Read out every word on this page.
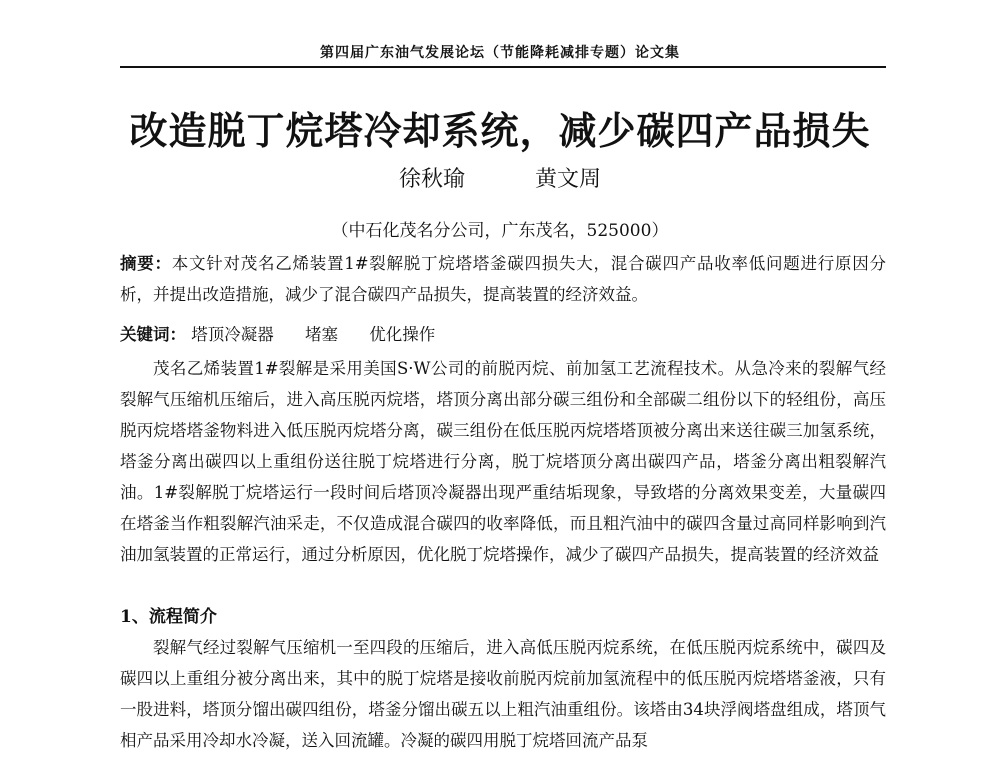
第四届广东油气发展论坛（节能降耗减排专题）论文集
改造脱丁烷塔冷却系统，减少碳四产品损失
徐秋瑜	黄文周
（中石化茂名分公司，广东茂名，525000）
摘要：本文针对茂名乙烯装置1#裂解脱丁烷塔塔釜碳四损失大，混合碳四产品收率低问题进行原因分析，并提出改造措施，减少了混合碳四产品损失，提高装置的经济效益。
关键词： 塔顶冷凝器 堵塞 优化操作
茂名乙烯装置1#裂解是采用美国S·W公司的前脱丙烷、前加氢工艺流程技术。从急冷来的裂解气经裂解气压缩机压缩后，进入高压脱丙烷塔，塔顶分离出部分碳三组份和全部碳二组份以下的轻组份，高压脱丙烷塔塔釜物料进入低压脱丙烷塔分离，碳三组份在低压脱丙烷塔塔顶被分离出来送往碳三加氢系统，塔釜分离出碳四以上重组份送往脱丁烷塔进行分离，脱丁烷塔顶分离出碳四产品，塔釜分离出粗裂解汽油。1#裂解脱丁烷塔运行一段时间后塔顶冷凝器出现严重结垢现象，导致塔的分离效果变差，大量碳四在塔釜当作粗裂解汽油采走，不仅造成混合碳四的收率降低，而且粗汽油中的碳四含量过高同样影响到汽油加氢装置的正常运行，通过分析原因，优化脱丁烷塔操作，减少了碳四产品损失，提高装置的经济效益
1、流程简介
裂解气经过裂解气压缩机一至四段的压缩后，进入高低压脱丙烷系统，在低压脱丙烷系统中，碳四及碳四以上重组分被分离出来，其中的脱丁烷塔是接收前脱丙烷前加氢流程中的低压脱丙烷塔塔釜液，只有一股进料，塔顶分馏出碳四组份，塔釜分馏出碳五以上粗汽油重组份。该塔由34块浮阀塔盘组成，塔顶气相产品采用冷却水冷凝，送入回流罐。冷凝的碳四用脱丁烷塔回流产品泵
